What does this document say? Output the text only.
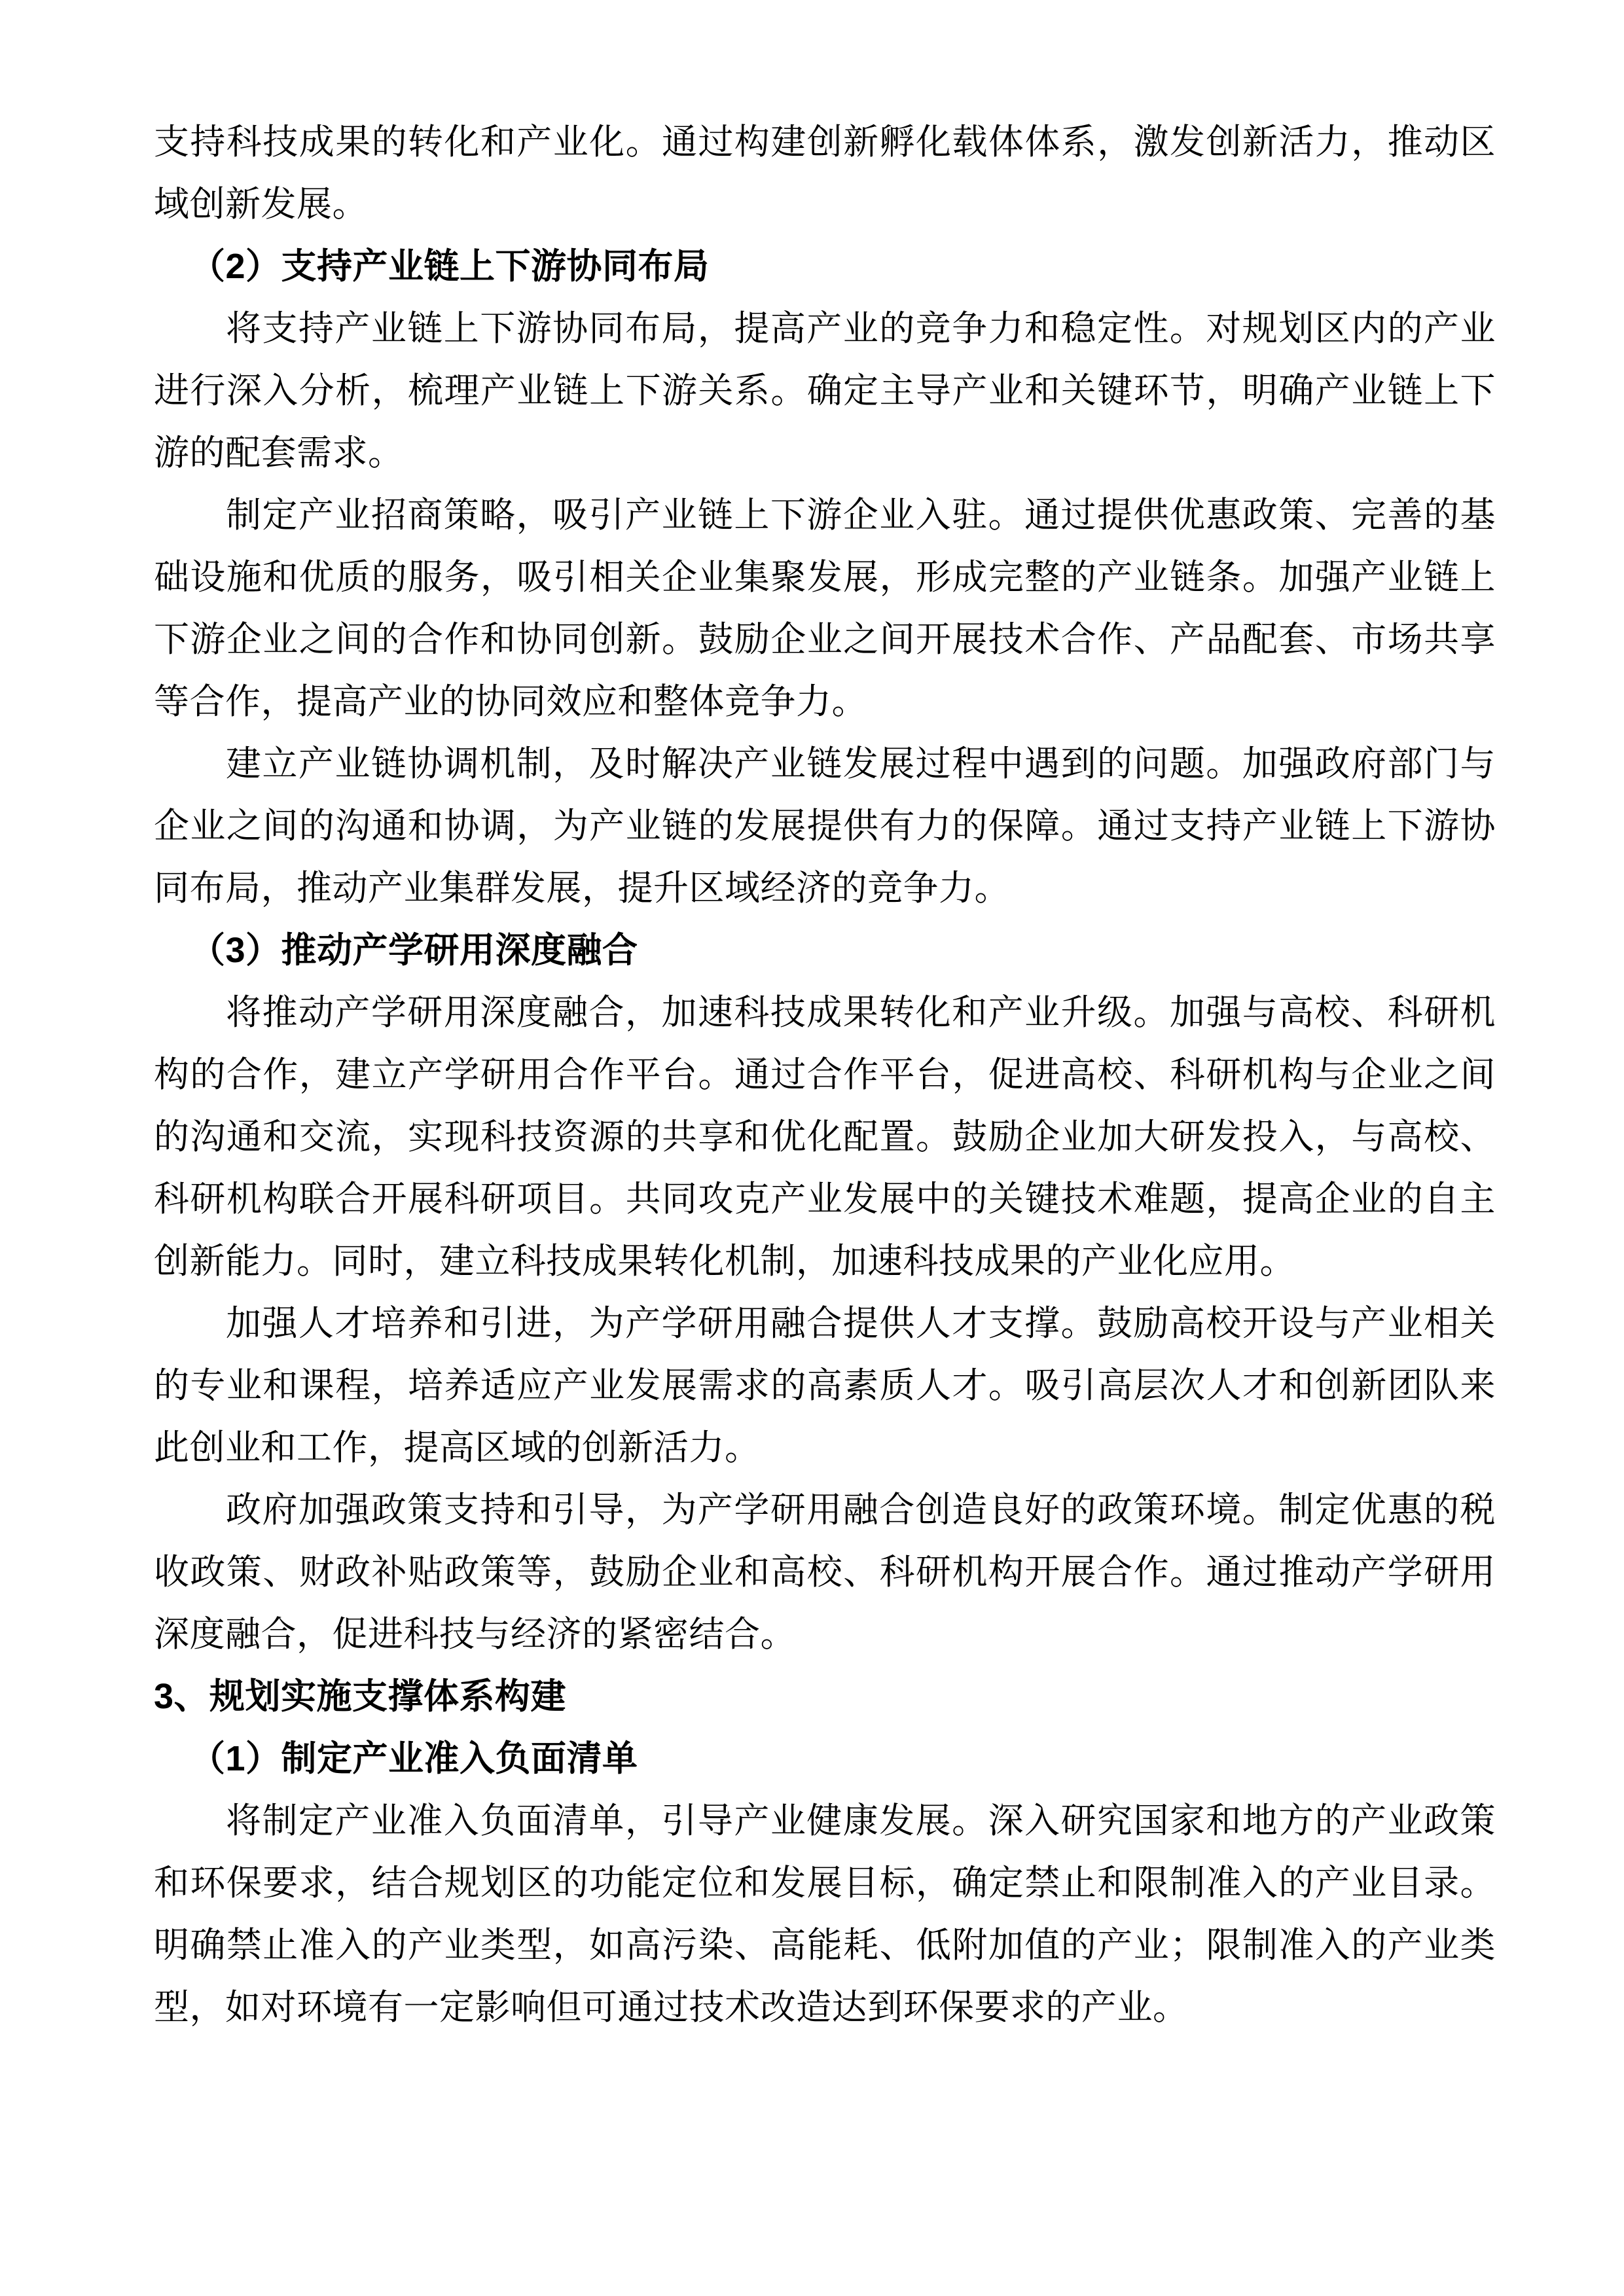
支持科技成果的转化和产业化。通过构建创新孵化载体体系，激发创新活力，推动区域创新发展。

（2）支持产业链上下游协同布局

将支持产业链上下游协同布局，提高产业的竞争力和稳定性。对规划区内的产业进行深入分析，梳理产业链上下游关系。确定主导产业和关键环节，明确产业链上下游的配套需求。

制定产业招商策略，吸引产业链上下游企业入驻。通过提供优惠政策、完善的基础设施和优质的服务，吸引相关企业集聚发展，形成完整的产业链条。加强产业链上下游企业之间的合作和协同创新。鼓励企业之间开展技术合作、产品配套、市场共享等合作，提高产业的协同效应和整体竞争力。

建立产业链协调机制，及时解决产业链发展过程中遇到的问题。加强政府部门与企业之间的沟通和协调，为产业链的发展提供有力的保障。通过支持产业链上下游协同布局，推动产业集群发展，提升区域经济的竞争力。

（3）推动产学研用深度融合

将推动产学研用深度融合，加速科技成果转化和产业升级。加强与高校、科研机构的合作，建立产学研用合作平台。通过合作平台，促进高校、科研机构与企业之间的沟通和交流，实现科技资源的共享和优化配置。鼓励企业加大研发投入，与高校、科研机构联合开展科研项目。共同攻克产业发展中的关键技术难题，提高企业的自主创新能力。同时，建立科技成果转化机制，加速科技成果的产业化应用。

加强人才培养和引进，为产学研用融合提供人才支撑。鼓励高校开设与产业相关的专业和课程，培养适应产业发展需求的高素质人才。吸引高层次人才和创新团队来此创业和工作，提高区域的创新活力。

政府加强政策支持和引导，为产学研用融合创造良好的政策环境。制定优惠的税收政策、财政补贴政策等，鼓励企业和高校、科研机构开展合作。通过推动产学研用深度融合，促进科技与经济的紧密结合。

3、规划实施支撑体系构建
（1）制定产业准入负面清单

将制定产业准入负面清单，引导产业健康发展。深入研究国家和地方的产业政策和环保要求，结合规划区的功能定位和发展目标，确定禁止和限制准入的产业目录。明确禁止准入的产业类型，如高污染、高能耗、低附加值的产业；限制准入的产业类型，如对环境有一定影响但可通过技术改造达到环保要求的产业。
